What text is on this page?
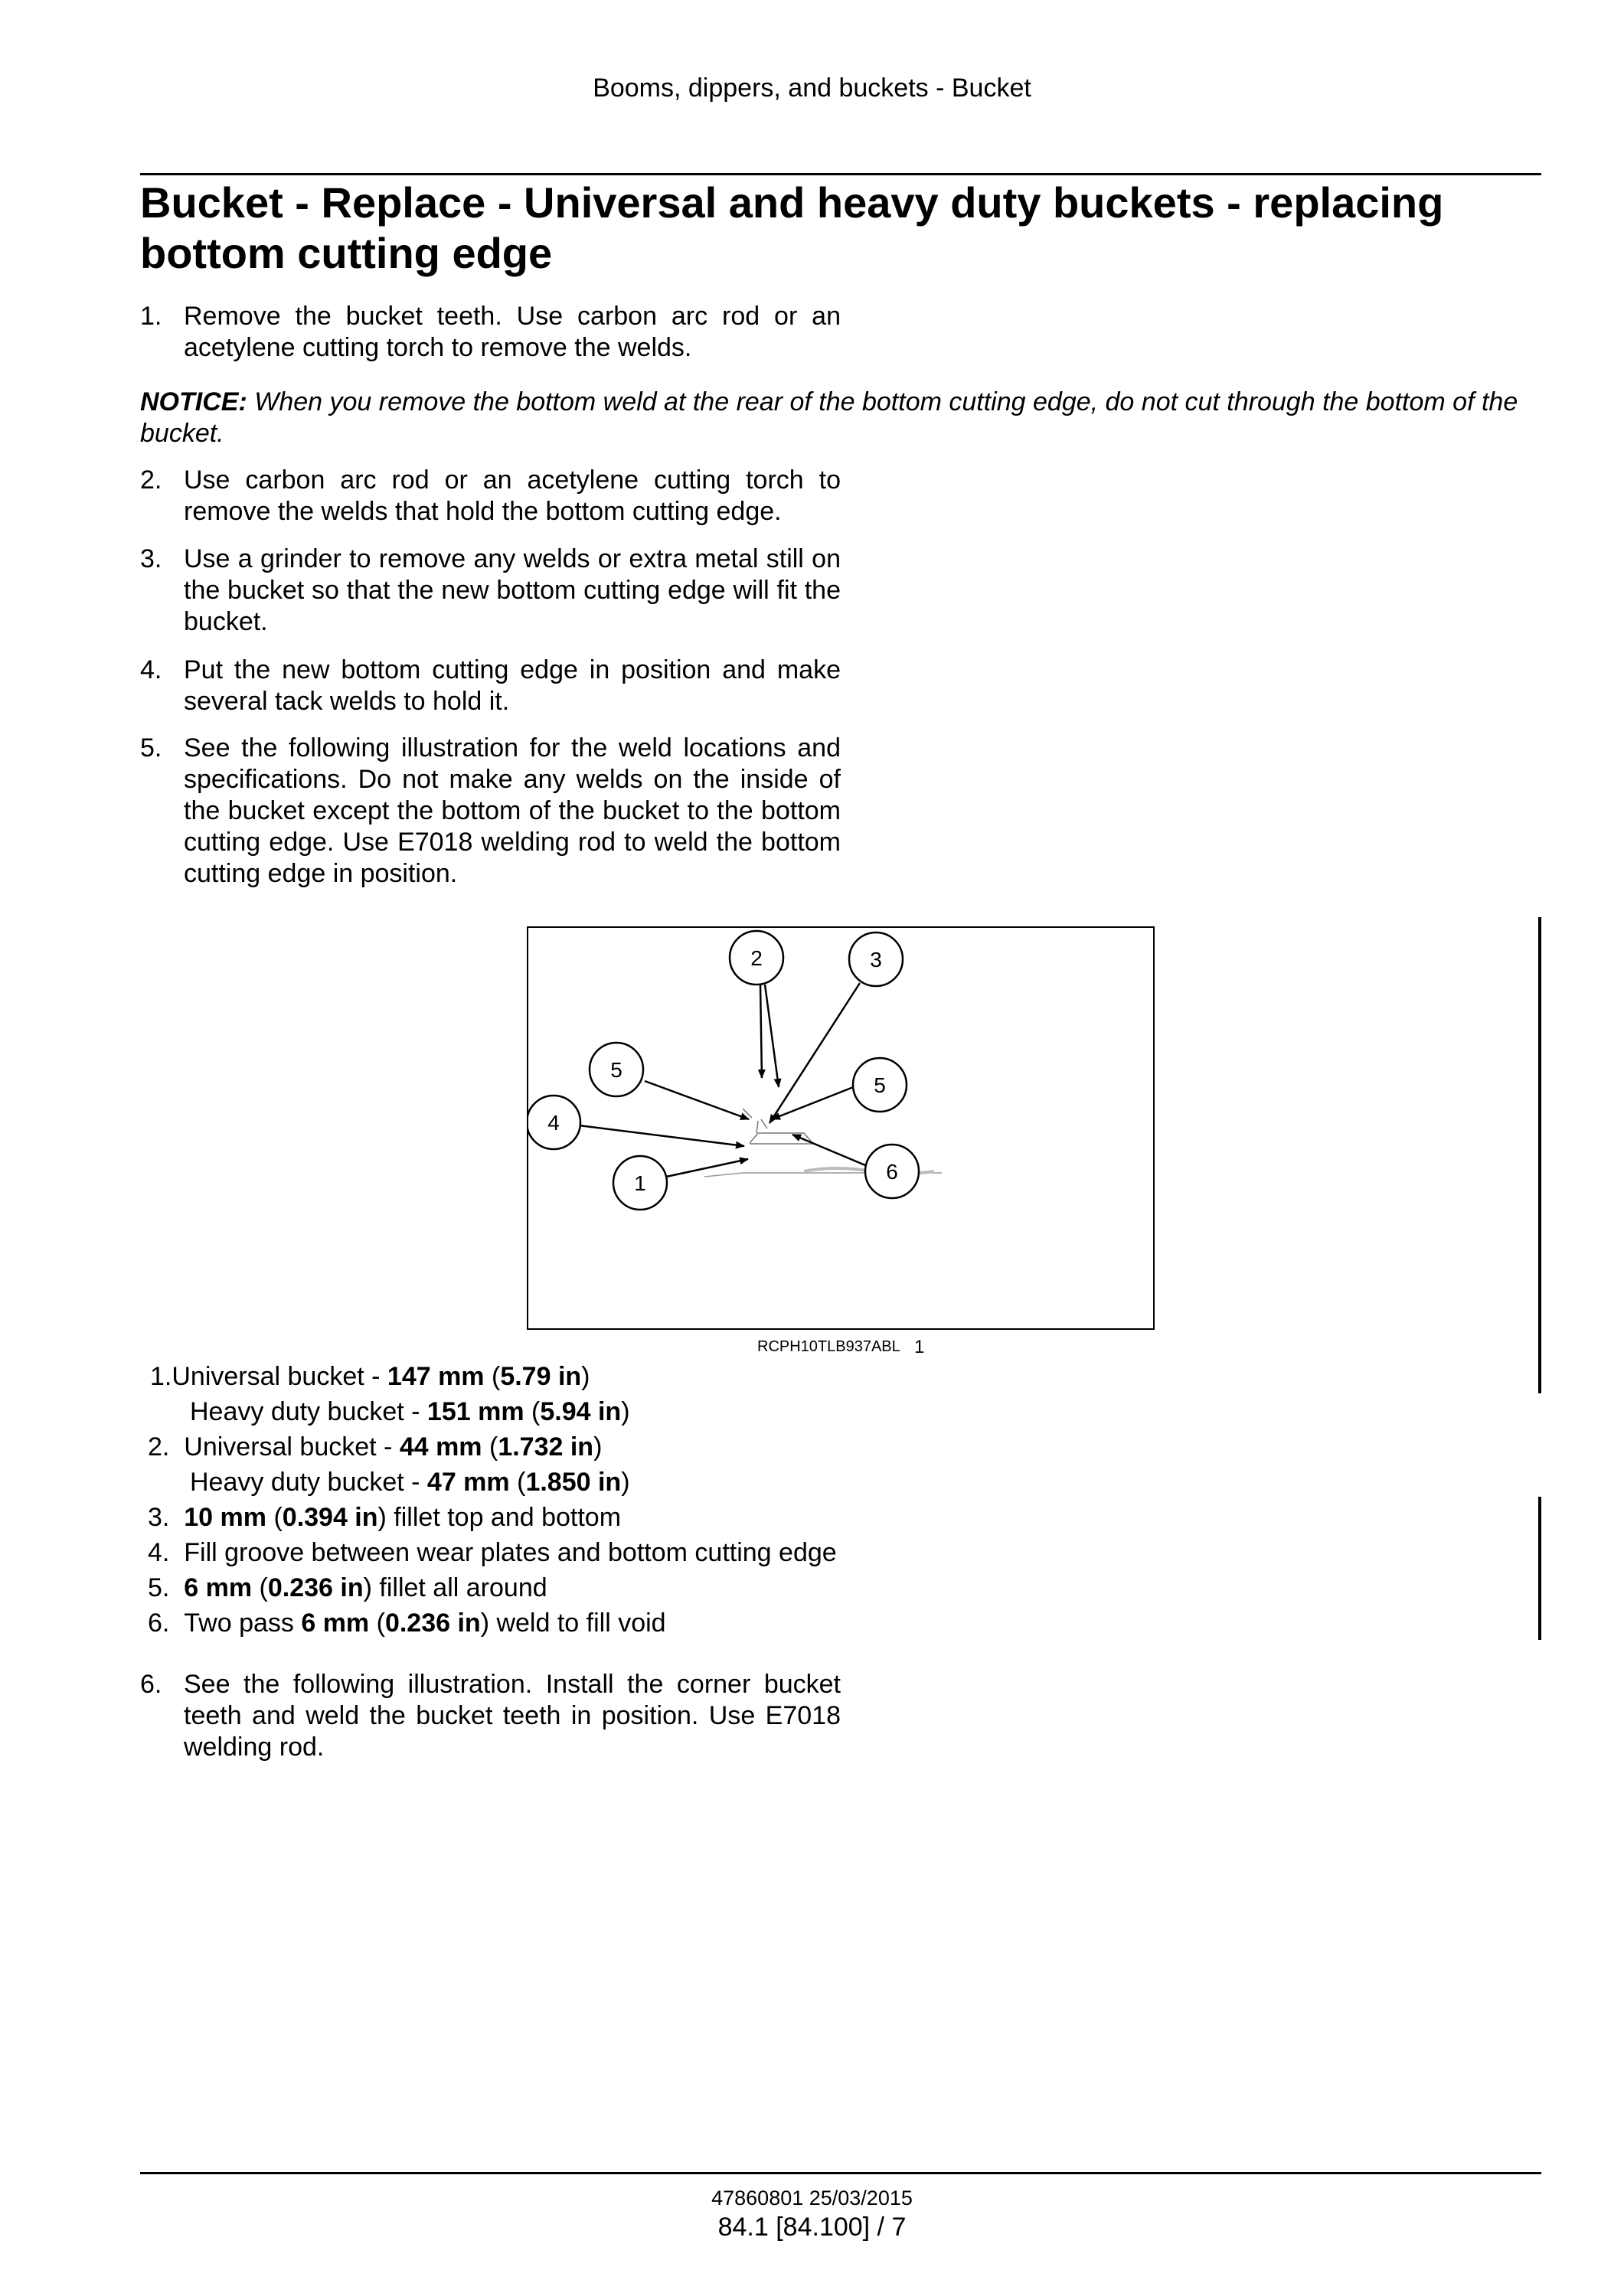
Booms, dippers, and buckets - Bucket
Bucket - Replace - Universal and heavy duty buckets - replacing bottom cutting edge
1. Remove the bucket teeth. Use carbon arc rod or an acetylene cutting torch to remove the welds.
NOTICE: When you remove the bottom weld at the rear of the bottom cutting edge, do not cut through the bottom of the bucket.
2. Use carbon arc rod or an acetylene cutting torch to remove the welds that hold the bottom cutting edge.
3. Use a grinder to remove any welds or extra metal still on the bucket so that the new bottom cutting edge will fit the bucket.
4. Put the new bottom cutting edge in position and make several tack welds to hold it.
5. See the following illustration for the weld locations and specifications. Do not make any welds on the inside of the bucket except the bottom of the bucket to the bottom cutting edge. Use E7018 welding rod to weld the bottom cutting edge in position.
2	3
5
5
4
1	6
RCPH10TLB937ABL 1
1.Universal bucket - 147 mm (5.79 in)
Heavy duty bucket - 151 mm (5.94 in)
2. Universal bucket - 44 mm (1.732 in)
Heavy duty bucket - 47 mm (1.850 in)
3. 10 mm (0.394 in) fillet top and bottom
4. Fill groove between wear plates and bottom cutting edge
5. 6 mm (0.236 in) fillet all around
6. Two pass 6 mm (0.236 in) weld to fill void
6. See the following illustration. Install the corner bucket teeth and weld the bucket teeth in position. Use E7018 welding rod.
47860801 25/03/2015
84.1 [84.100] / 7
